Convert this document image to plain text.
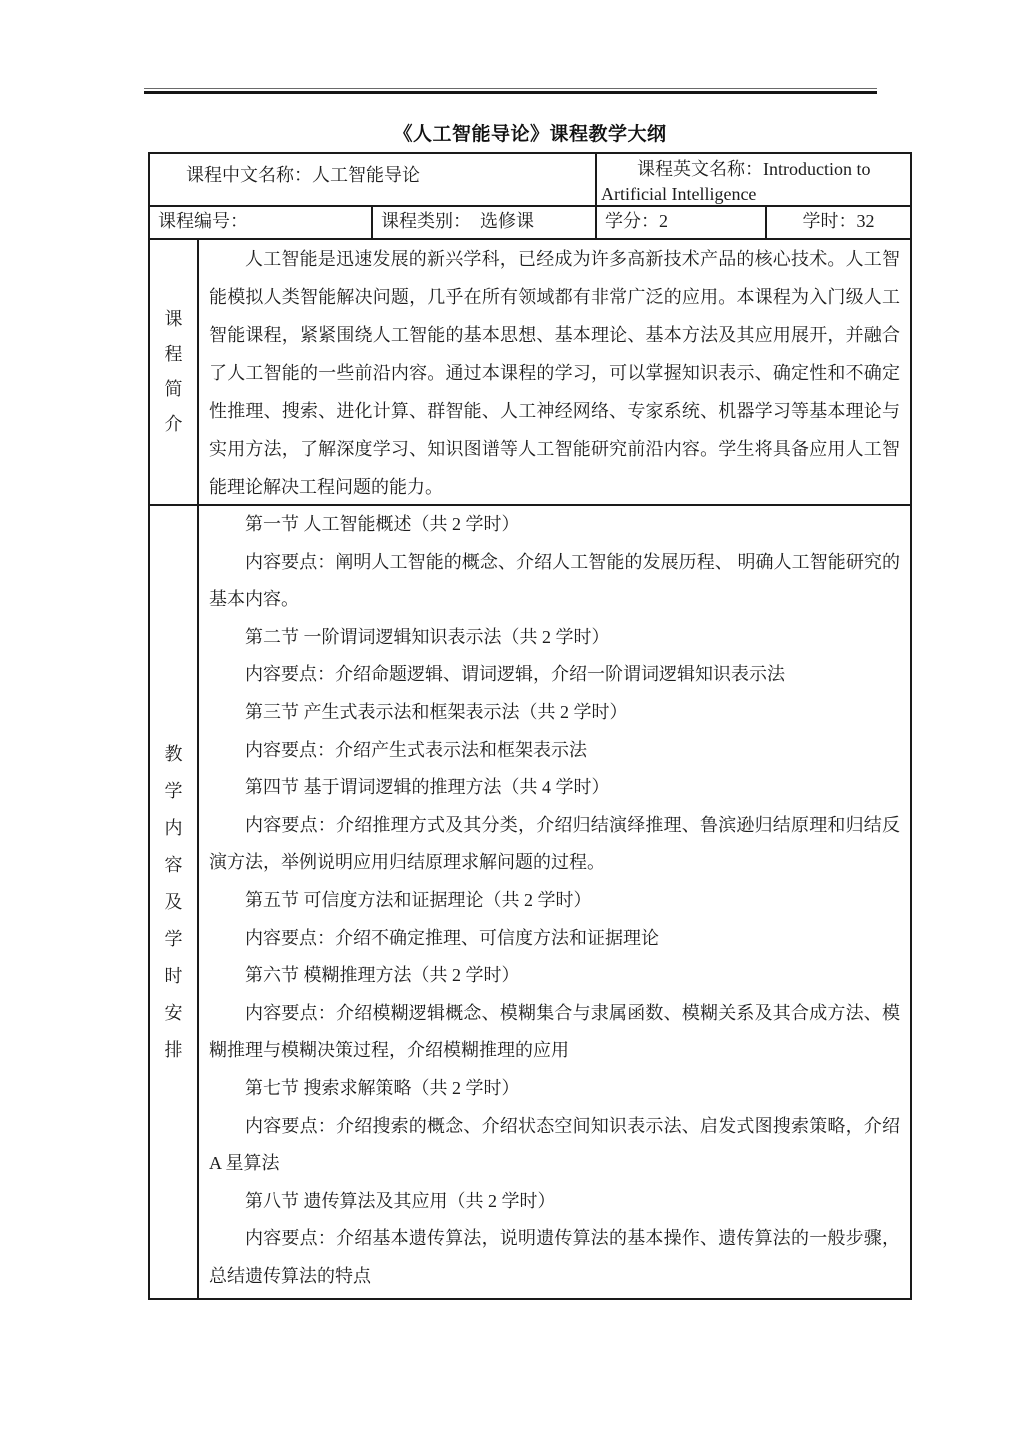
《人工智能导论》课程教学大纲
课程中文名称：人工智能导论	课程英文名称：Introduction to Artificial Intelligence
课程编号：	课程类别：　选修课	学分：2	学时：32
课程简介

人工智能是迅速发展的新兴学科，已经成为许多高新技术产品的核心技术。人工智能模拟人类智能解决问题，几乎在所有领域都有非常广泛的应用。本课程为入门级人工智能课程，紧紧围绕人工智能的基本思想、基本理论、基本方法及其应用展开，并融合了人工智能的一些前沿内容。通过本课程的学习，可以掌握知识表示、确定性和不确定性推理、搜索、进化计算、群智能、人工神经网络、专家系统、机器学习等基本理论与实用方法，了解深度学习、知识图谱等人工智能研究前沿内容。学生将具备应用人工智能理论解决工程问题的能力。

教学内容及学时安排

第一节 人工智能概述（共 2 学时）

内容要点：阐明人工智能的概念、介绍人工智能的发展历程、 明确人工智能研究的基本内容。

第二节 一阶谓词逻辑知识表示法（共 2 学时）

内容要点：介绍命题逻辑、谓词逻辑，介绍一阶谓词逻辑知识表示法

第三节 产生式表示法和框架表示法（共 2 学时）

内容要点：介绍产生式表示法和框架表示法

第四节 基于谓词逻辑的推理方法（共 4 学时）

内容要点：介绍推理方式及其分类，介绍归结演绎推理、鲁滨逊归结原理和归结反演方法，举例说明应用归结原理求解问题的过程。

第五节 可信度方法和证据理论（共 2 学时）

内容要点：介绍不确定推理、可信度方法和证据理论

第六节 模糊推理方法（共 2 学时）

内容要点：介绍模糊逻辑概念、模糊集合与隶属函数、模糊关系及其合成方法、模糊推理与模糊决策过程，介绍模糊推理的应用

第七节 搜索求解策略（共 2 学时）

内容要点：介绍搜索的概念、介绍状态空间知识表示法、启发式图搜索策略，介绍 A 星算法

第八节 遗传算法及其应用（共 2 学时）

内容要点：介绍基本遗传算法，说明遗传算法的基本操作、遗传算法的一般步骤，总结遗传算法的特点
